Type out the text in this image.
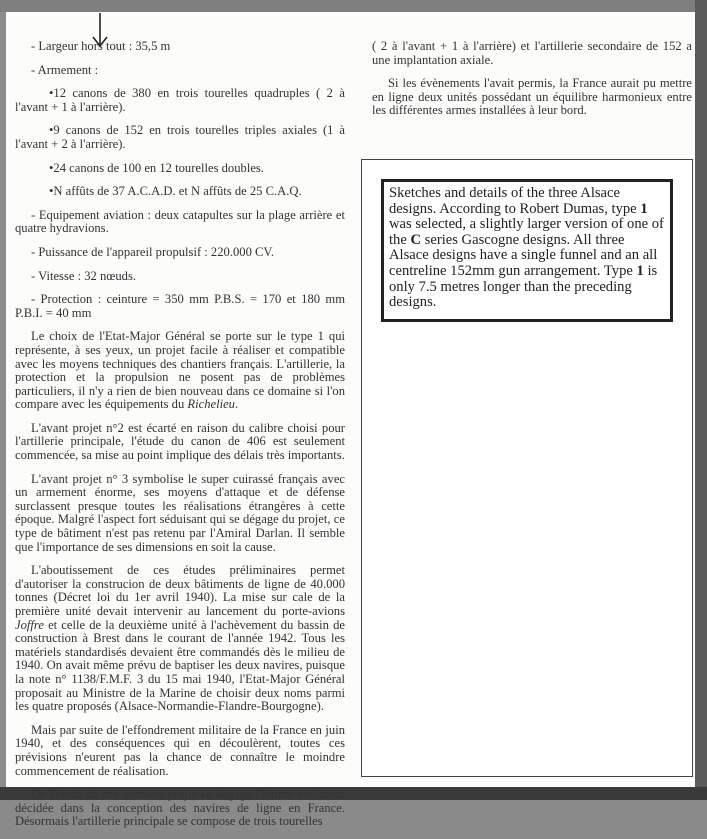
- Largeur hors tout : 35,5 m

- Armement :

•12 canons de 380 en trois tourelles quadruples ( 2 à l'avant + 1 à l'arrière).

•9 canons de 152 en trois tourelles triples axiales (1 à l'avant + 2 à l'arrière).

•24 canons de 100 en 12 tourelles doubles.

•N affûts de 37 A.C.A.D. et N affûts de 25 C.A.Q.

- Equipement aviation : deux catapultes sur la plage arrière et quatre hydravions.

- Puissance de l'appareil propulsif : 220.000 CV.

- Vitesse : 32 nœuds.

- Protection : ceinture = 350 mm P.B.S. = 170 et 180 mm P.B.I. = 40 mm

Le choix de l'Etat-Major Général se porte sur le type 1 qui représente, à ses yeux, un projet facile à réaliser et compatible avec les moyens techniques des chantiers français. L'artillerie, la protection et la propulsion ne posent pas de problèmes particuliers, il n'y a rien de bien nouveau dans ce domaine si l'on compare avec les équipements du Richelieu.

L'avant projet n°2 est écarté en raison du calibre choisi pour l'artillerie principale, l'étude du canon de 406 est seulement commencée, sa mise au point implique des délais très importants.

L'avant projet n° 3 symbolise le super cuirassé français avec un armement énorme, ses moyens d'attaque et de défense surclassent presque toutes les réalisations étrangères à cette époque. Malgré l'aspect fort séduisant qui se dégage du projet, ce type de bâtiment n'est pas retenu par l'Amiral Darlan. Il semble que l'importance de ses dimensions en soit la cause.

L'aboutissement de ces études préliminaires permet d'autoriser la construcion de deux bâtiments de ligne de 40.000 tonnes (Décret loi du 1er avril 1940). La mise sur cale de la première unité devait intervenir au lancement du porte-avions Joffre et celle de la deuxième unité à l'achèvement du bassin de construction à Brest dans le courant de l'année 1942. Tous les matériels standardisés devaient être commandés dès le milieu de 1940. On avait même prévu de baptiser les deux navires, puisque la note n° 1138/F.M.F. 3 du 15 mai 1940, l'Etat-Major Général proposait au Ministre de la Marine de choisir deux noms parmi les quatre proposés (Alsace-Normandie-Flandre-Bourgogne).

Mais par suite de l'effondrement militaire de la France en juin 1940, et des conséquences qui en découlèrent, toutes ces prévisions n'eurent pas la chance de connaître le moindre commencement de réalisation.

De l'étude de ces derniers projet se dégage l'ultime évolution décidée dans la conception des navires de ligne en France. Désormais l'artillerie principale se compose de trois tourelles

( 2 à l'avant + 1 à l'arrière) et l'artillerie secondaire de 152 a une implantation axiale.

Si les évènements l'avait permis, la France aurait pu mettre en ligne deux unités possédant un équilibre harmonieux entre les différentes armes installées à leur bord.

Sketches and details of the three Alsace designs. According to Robert Dumas, type 1 was selected, a slightly larger version of one of the C series Gascogne designs. All three Alsace designs have a single funnel and an all centreline 152mm gun arrangement. Type 1 is only 7.5 metres longer than the preceding designs.
